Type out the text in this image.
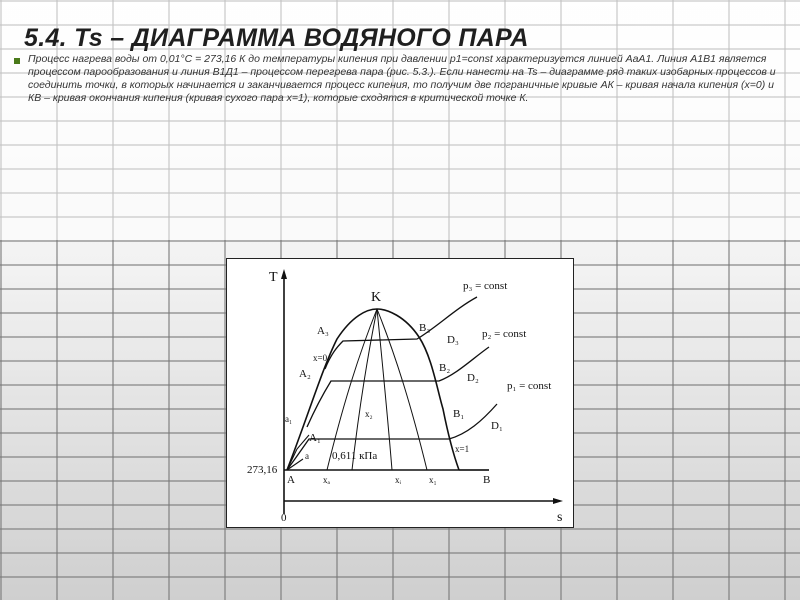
5.4. Ts – ДИАГРАММА ВОДЯНОГО ПАРА

Процесс нагрева воды от 0,01°С = 273,16 К до температуры кипения при давлении р1=const характеризуется линией АаА1. Линия А1В1 является процессом парообразования и линия В1Д1 – процессом перегрева пара (рис. 5.3.). Если нанести на Ts – диаграмме ряд таких изобарных процессов и соединить точки, в которых начинается и заканчивается процесс кипения, то получим две пограничные кривые АК – кривая начала кипения (х=0) и КВ – кривая окончания кипения (кривая сухого пара х=1), которые сходятся в критической точке К.

T
s
0
273,16
K
A	B
a
A₁
A₂
A₃
a₁	B₁
B₂
B₃
D₁
D₂
D₃
x=0
x=1
xₐ	xᵢ	x₁
x₂
0,611 кПа
p₁ = const
p₂ = const
p₃ = const
